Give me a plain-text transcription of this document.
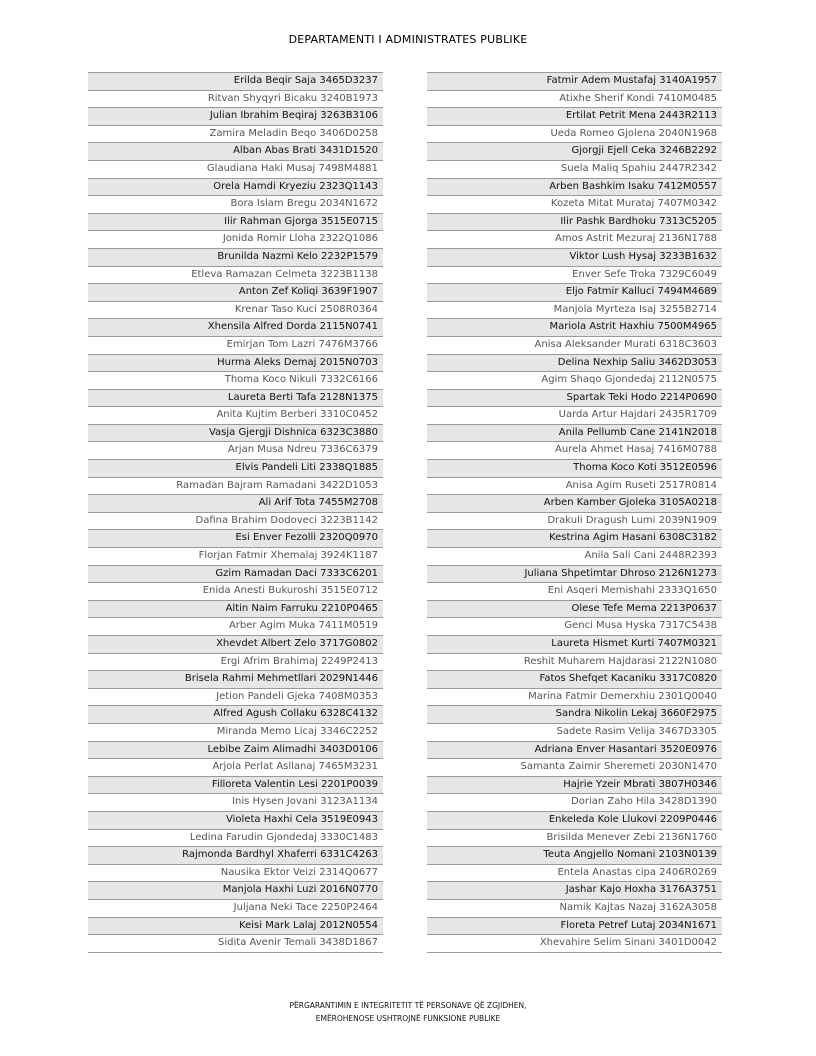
DEPARTAMENTI I ADMINISTRATES PUBLIKE
Erilda Beqir Saja 3465D3237
Ritvan Shyqyri Bicaku 3240B1973
Julian Ibrahim Beqiraj 3263B3106
Zamira Meladin Beqo 3406D0258
Alban Abas Brati 3431D1520
Glaudiana Haki Musaj 7498M4881
Orela Hamdi Kryeziu 2323Q1143
Bora Islam Bregu 2034N1672
Ilir Rahman Gjorga 3515E0715
Jonida Romir Lloha 2322Q1086
Brunilda Nazmi Kelo 2232P1579
Etleva Ramazan Celmeta 3223B1138
Anton Zef Koliqi 3639F1907
Krenar Taso Kuci 2508R0364
Xhensila Alfred Dorda 2115N0741
Emirjan Tom Lazri 7476M3766
Hurma Aleks Demaj 2015N0703
Thoma Koco Nikuli 7332C6166
Laureta Berti Tafa 2128N1375
Anita Kujtim Berberi 3310C0452
Vasja Gjergji Dishnica 6323C3880
Arjan Musa Ndreu 7336C6379
Elvis Pandeli Liti 2338Q1885
Ramadan Bajram Ramadani 3422D1053
Ali Arif Tota 7455M2708
Dafina Brahim Dodoveci 3223B1142
Esi Enver Fezolli 2320Q0970
Florjan Fatmir Xhemalaj 3924K1187
Gzim Ramadan Daci 7333C6201
Enida Anesti Bukuroshi 3515E0712
Altin Naim Farruku 2210P0465
Arber Agim Muka 7411M0519
Xhevdet Albert Zelo 3717G0802
Ergi Afrim Brahimaj 2249P2413
Brisela Rahmi Mehmetllari 2029N1446
Jetion Pandeli Gjeka 7408M0353
Alfred Agush Collaku 6328C4132
Miranda Memo Licaj 3346C2252
Lebibe Zaim Alimadhi 3403D0106
Arjola Perlat Asllanaj 7465M3231
Filloreta Valentin Lesi 2201P0039
Inis Hysen Jovani 3123A1134
Violeta Haxhi Cela 3519E0943
Ledina Farudin Gjondedaj 3330C1483
Rajmonda Bardhyl Xhaferri 6331C4263
Nausika Ektor Veizi 2314Q0677
Manjola Haxhi Luzi 2016N0770
Juljana Neki Tace 2250P2464
Keisi Mark Lalaj 2012N0554
Sidita Avenir Temali 3438D1867
Fatmir Adem Mustafaj 3140A1957
Atixhe Sherif Kondi 7410M0485
Ertilat Petrit Mena 2443R2113
Ueda Romeo Gjolena 2040N1968
Gjorgji Ejell Ceka 3246B2292
Suela Maliq Spahiu 2447R2342
Arben Bashkim Isaku 7412M0557
Kozeta Mitat Murataj 7407M0342
Ilir Pashk Bardhoku 7313C5205
Amos Astrit Mezuraj 2136N1788
Viktor Lush Hysaj 3233B1632
Enver Sefe Troka 7329C6049
Eljo Fatmir Kalluci 7494M4689
Manjola Myrteza Isaj 3255B2714
Mariola Astrit Haxhiu 7500M4965
Anisa Aleksander Murati 6318C3603
Delina Nexhip Saliu 3462D3053
Agim Shaqo Gjondedaj 2112N0575
Spartak Teki Hodo 2214P0690
Uarda Artur Hajdari 2435R1709
Anila Pellumb Cane 2141N2018
Aurela Ahmet Hasaj 7416M0788
Thoma Koco Koti 3512E0596
Anisa Agim Ruseti 2517R0814
Arben Kamber Gjoleka 3105A0218
Drakuli Dragush Lumi 2039N1909
Kestrina Agim Hasani 6308C3182
Anila Sali Cani 2448R2393
Juliana Shpetimtar Dhroso 2126N1273
Eni Asqeri Memishahi 2333Q1650
Olese Tefe Mema 2213P0637
Genci Musa Hyska 7317C5438
Laureta Hismet Kurti 7407M0321
Reshit Muharem Hajdarasi 2122N1080
Fatos Shefqet Kacaniku 3317C0820
Marina Fatmir Demerxhiu 2301Q0040
Sandra Nikolin Lekaj 3660F2975
Sadete Rasim Velija 3467D3305
Adriana Enver Hasantari 3520E0976
Samanta Zaimir Sheremeti 2030N1470
Hajrie Yzeir Mbrati 3807H0346
Dorian Zaho Hila 3428D1390
Enkeleda Kole Llukovi 2209P0446
Brisilda Menever Zebi 2136N1760
Teuta Angjello Nomani 2103N0139
Entela Anastas cipa 2406R0269
Jashar Kajo Hoxha 3176A3751
Namik Kajtas Nazaj 3162A3058
Floreta Petref Lutaj 2034N1671
Xhevahire Selim Sinani 3401D0042
PËRGARANTIMIN E INTEGRITETIT TË PERSONAVE QË ZGJIDHEN,
EMËROHENOSE USHTROJNË FUNKSIONE PUBLIKE
